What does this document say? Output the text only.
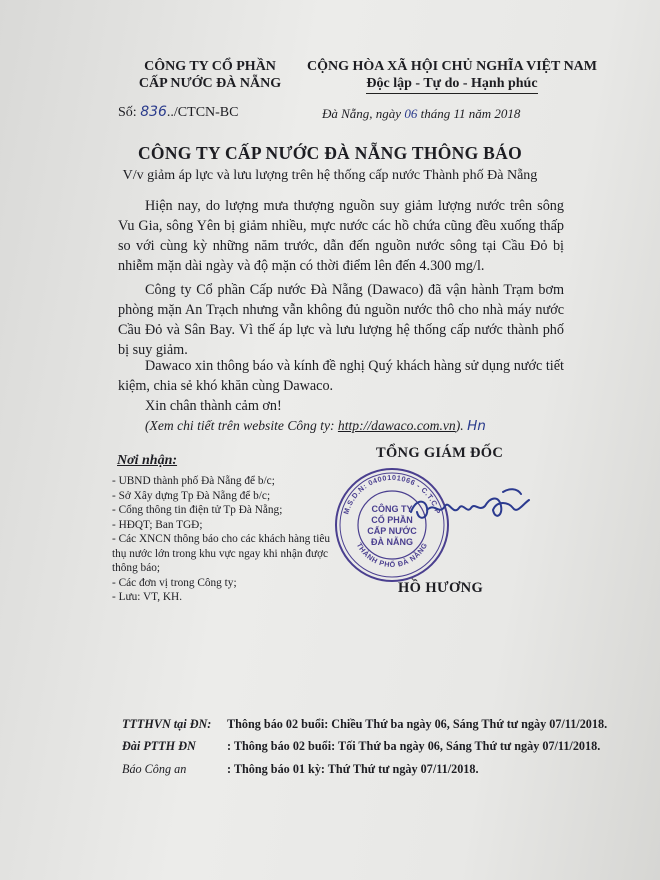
CÔNG TY CỔ PHẦN
CẤP NƯỚC ĐÀ NẴNG
Số: 836../CTCN-BC
CỘNG HÒA XÃ HỘI CHỦ NGHĨA VIỆT NAM
Độc lập - Tự do - Hạnh phúc
Đà Nẵng, ngày 06 tháng 11 năm 2018
CÔNG TY CẤP NƯỚC ĐÀ NẴNG THÔNG BÁO
V/v giảm áp lực và lưu lượng trên hệ thống cấp nước Thành phố Đà Nẵng
Hiện nay, do lượng mưa thượng nguồn suy giảm lượng nước trên sông Vu Gia, sông Yên bị giảm nhiều, mực nước các hồ chứa cũng đều xuống thấp so với cùng kỳ những năm trước, dẫn đến nguồn nước sông tại Cầu Đỏ bị nhiễm mặn dài ngày và độ mặn có thời điểm lên đến 4.300 mg/l.
Công ty Cổ phần Cấp nước Đà Nẵng (Dawaco) đã vận hành Trạm bơm phòng mặn An Trạch nhưng vẫn không đủ nguồn nước thô cho nhà máy nước Cầu Đỏ và Sân Bay. Vì thế áp lực và lưu lượng hệ thống cấp nước thành phố bị suy giảm.
Dawaco xin thông báo và kính đề nghị Quý khách hàng sử dụng nước tiết kiệm, chia sẻ khó khăn cùng Dawaco.
Xin chân thành cảm ơn!
(Xem chi tiết trên website Công ty: http://dawaco.com.vn). Hn
Nơi nhận:
- UBND thành phố Đà Nẵng để b/c;
- Sở Xây dựng Tp Đà Nẵng để b/c;
- Cổng thông tin điện tử Tp Đà Nẵng;
- HĐQT; Ban TGĐ;
- Các XNCN thông báo cho các khách hàng tiêu thụ nước lớn trong khu vực ngay khi nhận được thông báo;
- Các đơn vị trong Công ty;
- Lưu: VT, KH.
TỔNG GIÁM ĐỐC
M.S.D.N: 0400101066 - C.T.C.P
THÀNH PHỐ ĐÀ NẴNG
CÔNG TY
CỔ PHẦN
CẤP NƯỚC
ĐÀ NẴNG
HỒ HƯƠNG
TTTHVN tại ĐN: Thông báo 02 buổi: Chiều Thứ ba ngày 06, Sáng Thứ tư ngày 07/11/2018.
Đài PTTH ĐN	: Thông báo 02 buổi: Tối Thứ ba ngày 06, Sáng Thứ tư ngày 07/11/2018.
Báo Công an	: Thông báo 01 kỳ: Thứ Thứ tư ngày 07/11/2018.
